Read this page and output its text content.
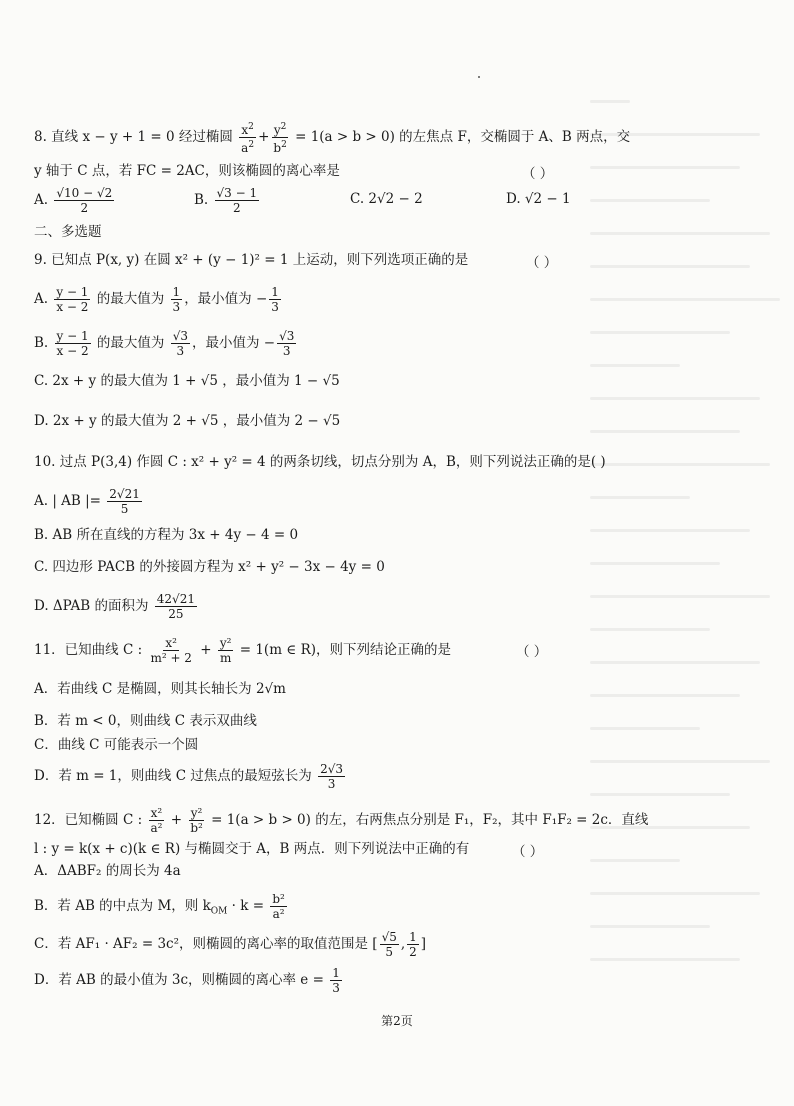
8. 直线 x − y + 1 = 0 经过椭圆 $\frac{x^2}{a^2} + \frac{y^2}{b^2} = 1(a > b > 0)$ 的左焦点 F，交椭圆于 A、B 两点，交
y 轴于 C 点，若 FC = 2AC，则该椭圆的离心率是	（ ）
A. $\frac{√10 - √2}{2}$	B. $\frac{√3 - 1}{2}$	C. 2√2 − 2	D. √2 − 1
二、多选题
9. 已知点 P(x, y) 在圆 x² + (y − 1)² = 1 上运动，则下列选项正确的是	（ ）
A. $\frac{y - 1}{x - 2}$ 的最大值为 $\frac{1}{3}$ ，最小值为 − $\frac{1}{3}$
B. $\frac{y - 1}{x - 2}$ 的最大值为 $\frac{√3}{3}$ ，最小值为 − $\frac{√3}{3}$
C. 2x + y 的最大值为 1 + √5 ，最小值为 1 − √5
D. 2x + y 的最大值为 2 + √5 ，最小值为 2 − √5
10. 过点 P(3,4) 作圆 C : x² + y² = 4 的两条切线，切点分别为 A，B，则下列说法正确的是( )
A. | AB |= $\frac{2√21}{5}$
B. AB 所在直线的方程为 3x + 4y − 4 = 0
C. 四边形 PACB 的外接圆方程为 x² + y² − 3x − 4y = 0
D. ΔPAB 的面积为 $\frac{42√21}{25}$
11．已知曲线 C : $\frac{\text{x²}}{\text{m² + 2}} + \frac{\text{y²}}{m} = 1(m$ ∈ R)，则下列结论正确的是	（ ）
A．若曲线 C 是椭圆，则其长轴长为 2√m
B．若 m < 0，则曲线 C 表示双曲线
C．曲线 C 可能表示一个圆
D．若 m = 1，则曲线 C 过焦点的最短弦长为 $\frac{2√3}{3}$
12．已知椭圆 C : $\frac{\text{x²}}{\text{a²}} + \frac{\text{y²}}{\text{b²}} = 1(a > b > 0)$ 的左，右两焦点分别是 F₁，F₂，其中 F₁F₂ = 2c．直线
l : y = k(x + c)(k ∈ R) 与椭圆交于 A，B 两点．则下列说法中正确的有	（ ）
A．ΔABF₂ 的周长为 4a
B．若 AB 的中点为 M，则 $k_{OM} \cdot k = \frac{\text{b²}}{\text{a²}}$
C．若 AF₁ · AF₂ = 3c²，则椭圆的离心率的取值范围是 [ $\frac{√5}{5}$ , $\frac{1}{2}$ ]
D．若 AB 的最小值为 3c，则椭圆的离心率 $e = \frac{1}{3}$
第2页
